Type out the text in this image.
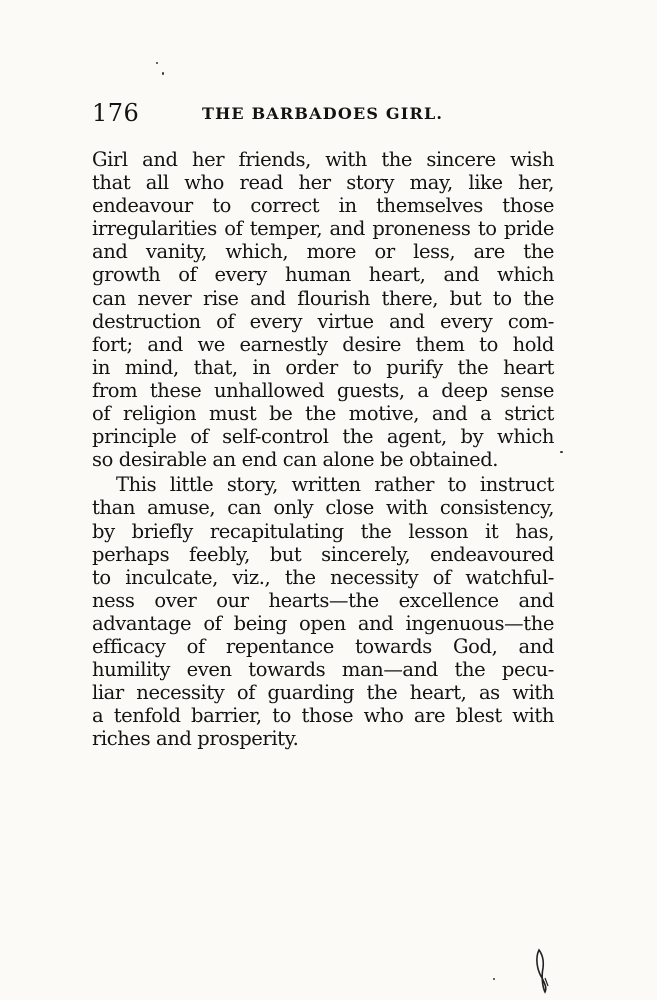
176	THE BARBADOES GIRL.
Girl and her friends, with the sincere wish
that all who read her story may, like her,
endeavour to correct in themselves those
irregularities of temper, and proneness to pride
and vanity, which, more or less, are the
growth of every human heart, and which
can never rise and flourish there, but to the
destruction of every virtue and every com-
fort; and we earnestly desire them to hold
in mind, that, in order to purify the heart
from these unhallowed guests, a deep sense
of religion must be the motive, and a strict
principle of self-control the agent, by which
so desirable an end can alone be obtained.
This little story, written rather to instruct
than amuse, can only close with consistency,
by briefly recapitulating the lesson it has,
perhaps feebly, but sincerely, endeavoured
to inculcate, viz., the necessity of watchful-
ness over our hearts—the excellence and
advantage of being open and ingenuous—the
efficacy of repentance towards God, and
humility even towards man—and the pecu-
liar necessity of guarding the heart, as with
a tenfold barrier, to those who are blest with
riches and prosperity.
